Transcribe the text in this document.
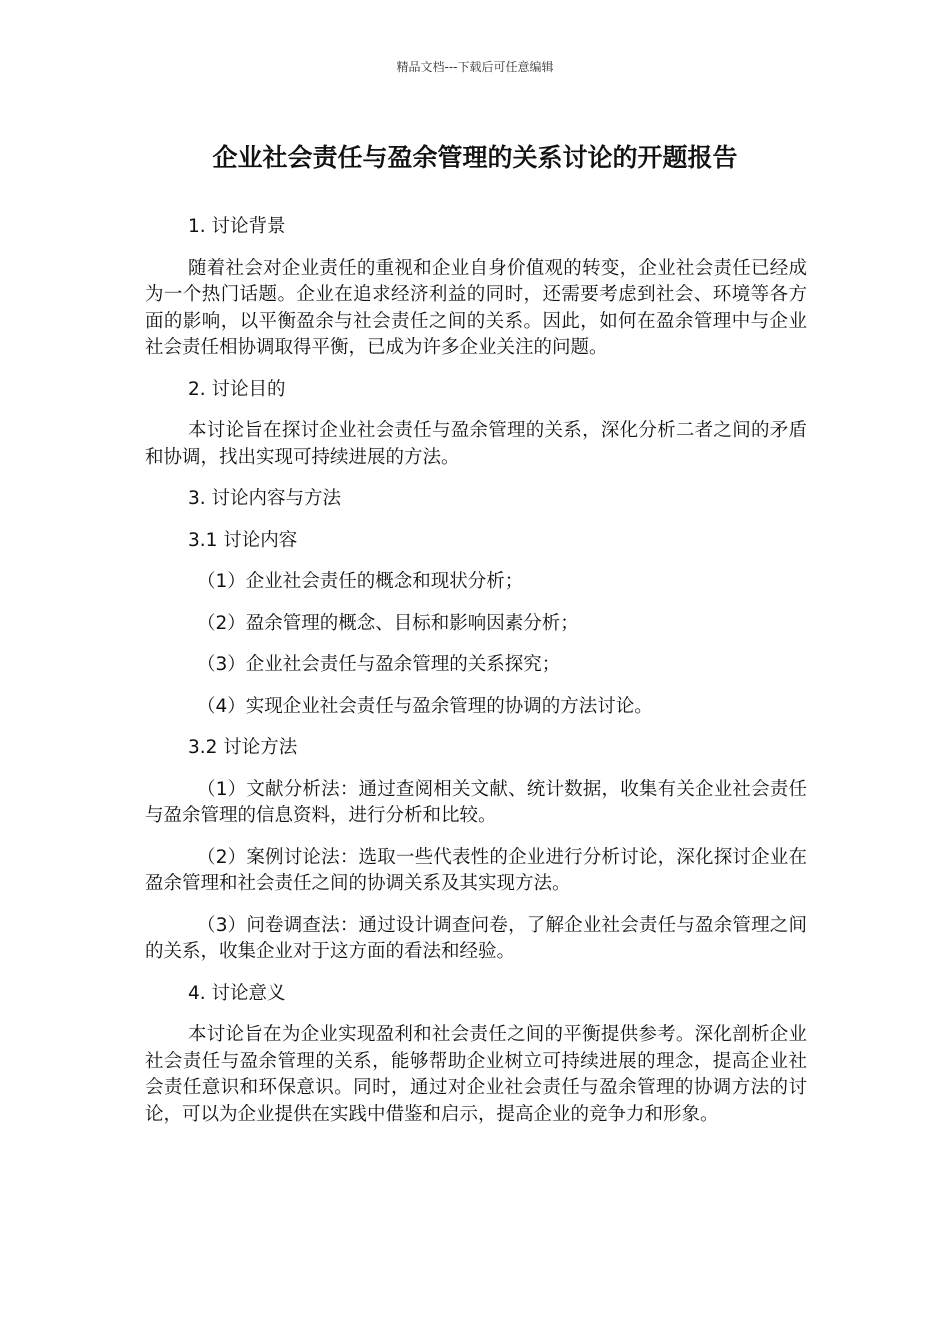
精品文档---下载后可任意编辑
企业社会责任与盈余管理的关系讨论的开题报告

1. 讨论背景

随着社会对企业责任的重视和企业自身价值观的转变，企业社会责任已经成为一个热门话题。企业在追求经济利益的同时，还需要考虑到社会、环境等各方面的影响，以平衡盈余与社会责任之间的关系。因此，如何在盈余管理中与企业社会责任相协调取得平衡，已成为许多企业关注的问题。

2. 讨论目的

本讨论旨在探讨企业社会责任与盈余管理的关系，深化分析二者之间的矛盾和协调，找出实现可持续进展的方法。

3. 讨论内容与方法

3.1 讨论内容

（1）企业社会责任的概念和现状分析；

（2）盈余管理的概念、目标和影响因素分析；

（3）企业社会责任与盈余管理的关系探究；

（4）实现企业社会责任与盈余管理的协调的方法讨论。

3.2 讨论方法

（1）文献分析法：通过查阅相关文献、统计数据，收集有关企业社会责任与盈余管理的信息资料，进行分析和比较。

（2）案例讨论法：选取一些代表性的企业进行分析讨论，深化探讨企业在盈余管理和社会责任之间的协调关系及其实现方法。

（3）问卷调查法：通过设计调查问卷，了解企业社会责任与盈余管理之间的关系，收集企业对于这方面的看法和经验。

4. 讨论意义

本讨论旨在为企业实现盈利和社会责任之间的平衡提供参考。深化剖析企业社会责任与盈余管理的关系，能够帮助企业树立可持续进展的理念，提高企业社会责任意识和环保意识。同时，通过对企业社会责任与盈余管理的协调方法的讨论，可以为企业提供在实践中借鉴和启示，提高企业的竞争力和形象。
